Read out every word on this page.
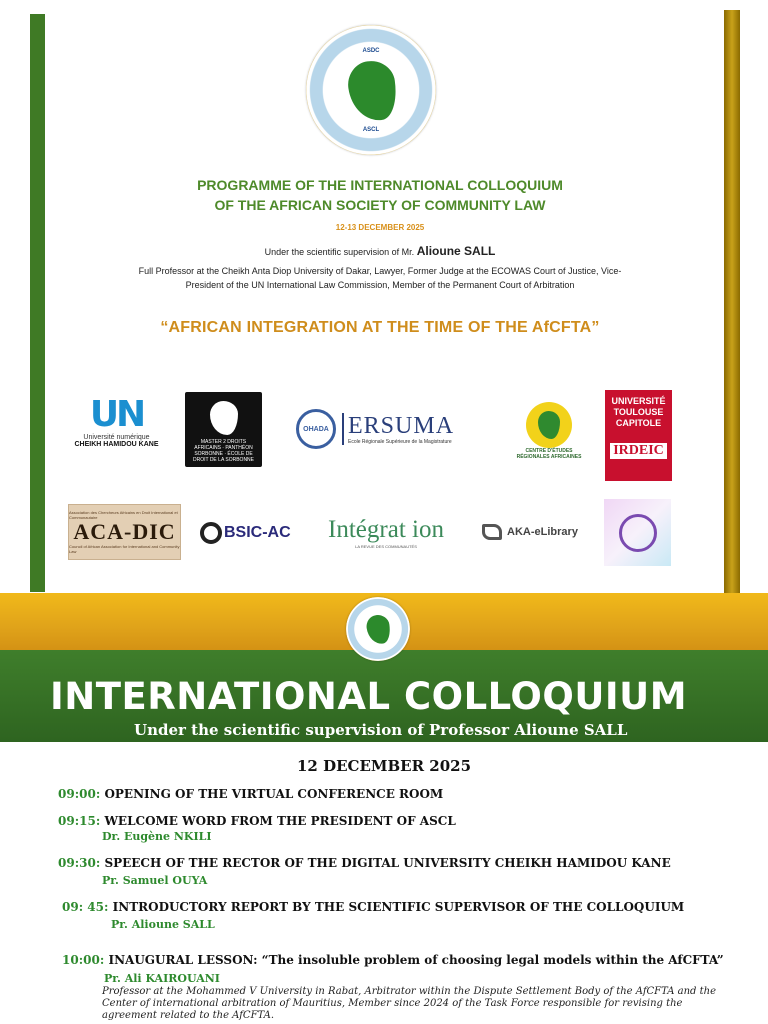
ASDC
ASCL
PROGRAMME OF THE INTERNATIONAL COLLOQUIUM
OF THE AFRICAN SOCIETY OF COMMUNITY LAW
12-13 DECEMBER 2025
Under the scientific supervision of Mr. Alioune SALL
Full Professor at the Cheikh Anta Diop University of Dakar, Lawyer, Former Judge at the ECOWAS Court of Justice, Vice-
President of the UN International Law Commission, Member of the Permanent Court of Arbitration
“AFRICAN INTEGRATION AT THE TIME OF THE AfCFTA”
UN
Université numérique
CHEIKH HAMIDOU KANE	MASTER 2 DROITS AFRICAINS · PANTHÉON SORBONNE · ÉCOLE DE DROIT DE LA SORBONNE
OHADA ERSUMA
Ecole Régionale Supérieure de la Magistrature
CENTRE D'ÉTUDES RÉGIONALES AFRICAINES
UNIVERSITÉ
TOULOUSE
CAPITOLE
IRDEIC
Association des Chercheurs Africains en Droit International et Communautaire
ACA-DIC
Council of African Association for International and Community Law
BSIC-AC Intégrat ion
LA REVUE DES COMMUNAUTÉS
AKA-eLibrary
INTERNATIONAL COLLOQUIUM
Under the scientific supervision of Professor Alioune SALL
12 DECEMBER 2025
09:00: OPENING OF THE VIRTUAL CONFERENCE ROOM
09:15: WELCOME WORD FROM THE PRESIDENT OF ASCL
Dr. Eugène NKILI
09:30: SPEECH OF THE RECTOR OF THE DIGITAL UNIVERSITY CHEIKH HAMIDOU KANE
Pr. Samuel OUYA
09: 45: INTRODUCTORY REPORT BY THE SCIENTIFIC SUPERVISOR OF THE COLLOQUIUM
Pr. Alioune SALL
10:00: INAUGURAL LESSON: “The insoluble problem of choosing legal models within the AfCFTA”
Pr. Ali KAIROUANI
Professor at the Mohammed V University in Rabat, Arbitrator within the Dispute Settlement Body of the AfCFTA and the Center of international arbitration of Mauritius, Member since 2024 of the Task Force responsible for revising the agreement related to the AfCFTA.
